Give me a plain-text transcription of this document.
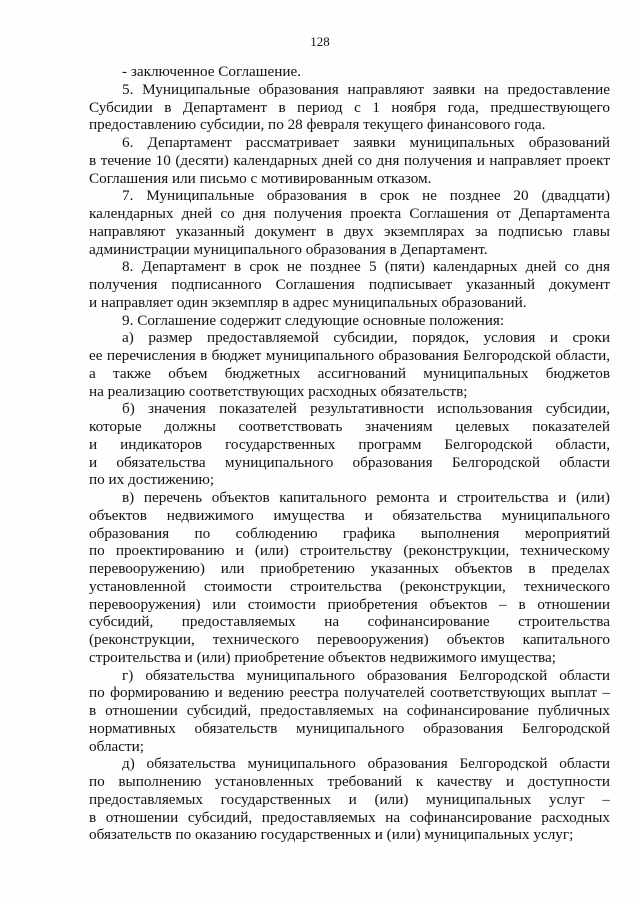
128
- заключенное Соглашение.
5. Муниципальные образования направляют заявки на предоставление
Субсидии в Департамент в период с 1 ноября года, предшествующего
предоставлению субсидии, по 28 февраля текущего финансового года.
6. Департамент рассматривает заявки муниципальных образований
в течение 10 (десяти) календарных дней со дня получения и направляет проект
Соглашения или письмо с мотивированным отказом.
7. Муниципальные образования в срок не позднее 20 (двадцати)
календарных дней со дня получения проекта Соглашения от Департамента
направляют указанный документ в двух экземплярах за подписью главы
администрации муниципального образования в Департамент.
8. Департамент в срок не позднее 5 (пяти) календарных дней со дня
получения подписанного Соглашения подписывает указанный документ
и направляет один экземпляр в адрес муниципальных образований.
9. Соглашение содержит следующие основные положения:
а) размер предоставляемой субсидии, порядок, условия и сроки
ее перечисления в бюджет муниципального образования Белгородской области,
а также объем бюджетных ассигнований муниципальных бюджетов
на реализацию соответствующих расходных обязательств;
б) значения показателей результативности использования субсидии,
которые должны соответствовать значениям целевых показателей
и индикаторов государственных программ Белгородской области,
и обязательства муниципального образования Белгородской области
по их достижению;
в) перечень объектов капитального ремонта и строительства и (или)
объектов недвижимого имущества и обязательства муниципального
образования по соблюдению графика выполнения мероприятий
по проектированию и (или) строительству (реконструкции, техническому
перевооружению) или приобретению указанных объектов в пределах
установленной стоимости строительства (реконструкции, технического
перевооружения) или стоимости приобретения объектов – в отношении
субсидий, предоставляемых на софинансирование строительства
(реконструкции, технического перевооружения) объектов капитального
строительства и (или) приобретение объектов недвижимого имущества;
г) обязательства муниципального образования Белгородской области
по формированию и ведению реестра получателей соответствующих выплат –
в отношении субсидий, предоставляемых на софинансирование публичных
нормативных обязательств муниципального образования Белгородской
области;
д) обязательства муниципального образования Белгородской области
по выполнению установленных требований к качеству и доступности
предоставляемых государственных и (или) муниципальных услуг –
в отношении субсидий, предоставляемых на софинансирование расходных
обязательств по оказанию государственных и (или) муниципальных услуг;
